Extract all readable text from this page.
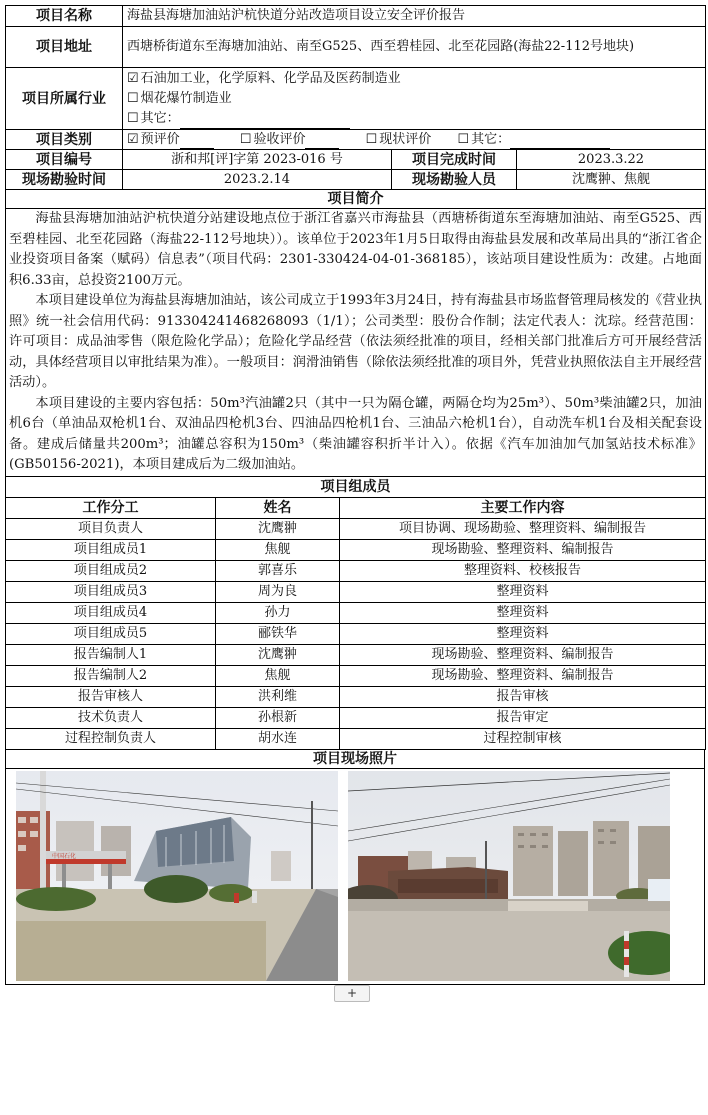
项目名称	海盐县海塘加油站沪杭快道分站改造项目设立安全评价报告		
项目地址	西塘桥街道东至海塘加油站、南至G525、西至碧桂园、北至花园路(海盐22-112号地块)		
项目所属行业	☑ 石油加工业，化学原料、化学品及医药制造业
☐ 烟花爆竹制造业
☐ 其它：		

项目类别	☑ 预评价 ☐ 验收评价 ☐ 现状评价 ☐ 其它：		
项目编号	浙和邦[评]字第 2023-016 号	项目完成时间	2023.3.22
现场勘验时间	2023.2.14	现场勘验人员	沈鹰翀、焦舰
项目简介			

海盐县海塘加油站沪杭快道分站建设地点位于浙江省嘉兴市海盐县（西塘桥街道东至海塘加油站、南至G525、西至碧桂园、北至花园路（海盐22-112号地块））。该单位于2023年1月5日取得由海盐县发展和改革局出具的“浙江省企业投资项目备案（赋码）信息表”（项目代码：2301-330424-04-01-368185），该站项目建设性质为：改建。占地面积6.33亩，总投资2100万元。

本项目建设单位为海盐县海塘加油站，该公司成立于1993年3月24日，持有海盐县市场监督管理局核发的《营业执照》统一社会信用代码：91330424146826809​3（1/1）；公司类型：股份合作制；法定代表人：沈琮。经营范围：许可项目：成品油零售（限危险化学品）；危险化学品经营（依法须经批准的项目，经相关部门批准后方可开展经营活动，具体经营项目以审批结果为准）。一般项目：润滑油销售（除依法须经批准的项目外，凭营业执照依法自主开展经营活动）。

本项目建设的主要内容包括：50m³汽油罐2只（其中一只为隔仓罐，两隔仓均为25m³）、50m³柴油罐2只，加油机6台（单油品双枪机1台、双油品四枪机3台、四油品四枪机1台、三油品六枪机1台），自动洗车机1台及相关配套设备。建成后储量共200m³；油罐总容积为150m³（柴油罐容积折半计入）。依据《汽车加油加气加氢站技术标准》(GB50156-2021)，本项目建成后为二级加油站。			

项目组成员		
工作分工	姓名	主要工作内容
项目负责人	沈鹰翀	项目协调、现场勘验、整理资料、编制报告
项目组成员1	焦舰	现场勘验、整理资料、编制报告
项目组成员2	郭喜乐	整理资料、校核报告
项目组成员3	周为良	整理资料
项目组成员4	孙力	整理资料
项目组成员5	郦铁华	整理资料
报告编制人1	沈鹰翀	现场勘验、整理资料、编制报告
报告编制人2	焦舰	现场勘验、整理资料、编制报告
报告审核人	洪利维	报告审核
技术负责人	孙根新	报告审定
过程控制负责人	胡水连	过程控制审核
项目现场照片

中国石化
+
